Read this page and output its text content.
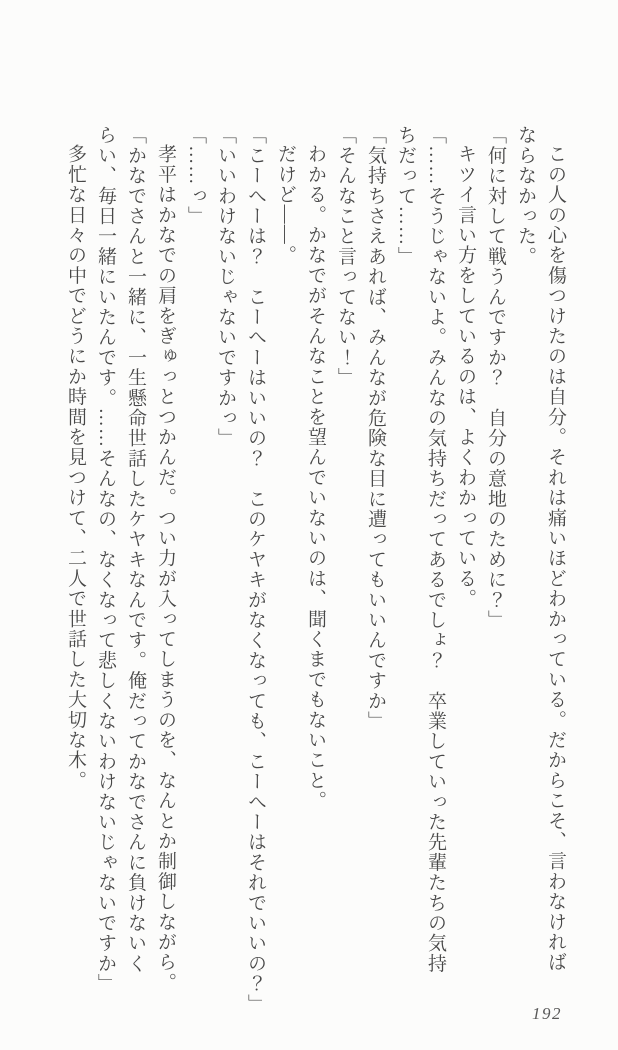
この人の心を傷つけたのは自分。それは痛いほどわかっている。だからこそ、言わなければ

ならなかった。

「何に対して戦うんですか？　自分の意地のために？」

キツイ言い方をしているのは、よくわかっている。

「……そうじゃないよ。みんなの気持ちだってあるでしょ？　卒業していった先輩たちの気持

ちだって……」

「気持ちさえあれば、みんなが危険な目に遭ってもいいんですか」

「そんなこと言ってない！」

わかる。かなでがそんなことを望んでいないのは、聞くまでもないこと。

だけど――。

「こーへーは？　こーへーはいいの？　このケヤキがなくなっても、こーへーはそれでいいの？」

「いいわけないじゃないですかっ」

「……っ」

孝平はかなでの肩をぎゅっとつかんだ。つい力が入ってしまうのを、なんとか制御しながら。

「かなでさんと一緒に、一生懸命世話したケヤキなんです。俺だってかなでさんに負けないく

らい、毎日一緒にいたんです。……そんなの、なくなって悲しくないわけないじゃないですか」

多忙な日々の中でどうにか時間を見つけて、二人で世話した大切な木。

192
